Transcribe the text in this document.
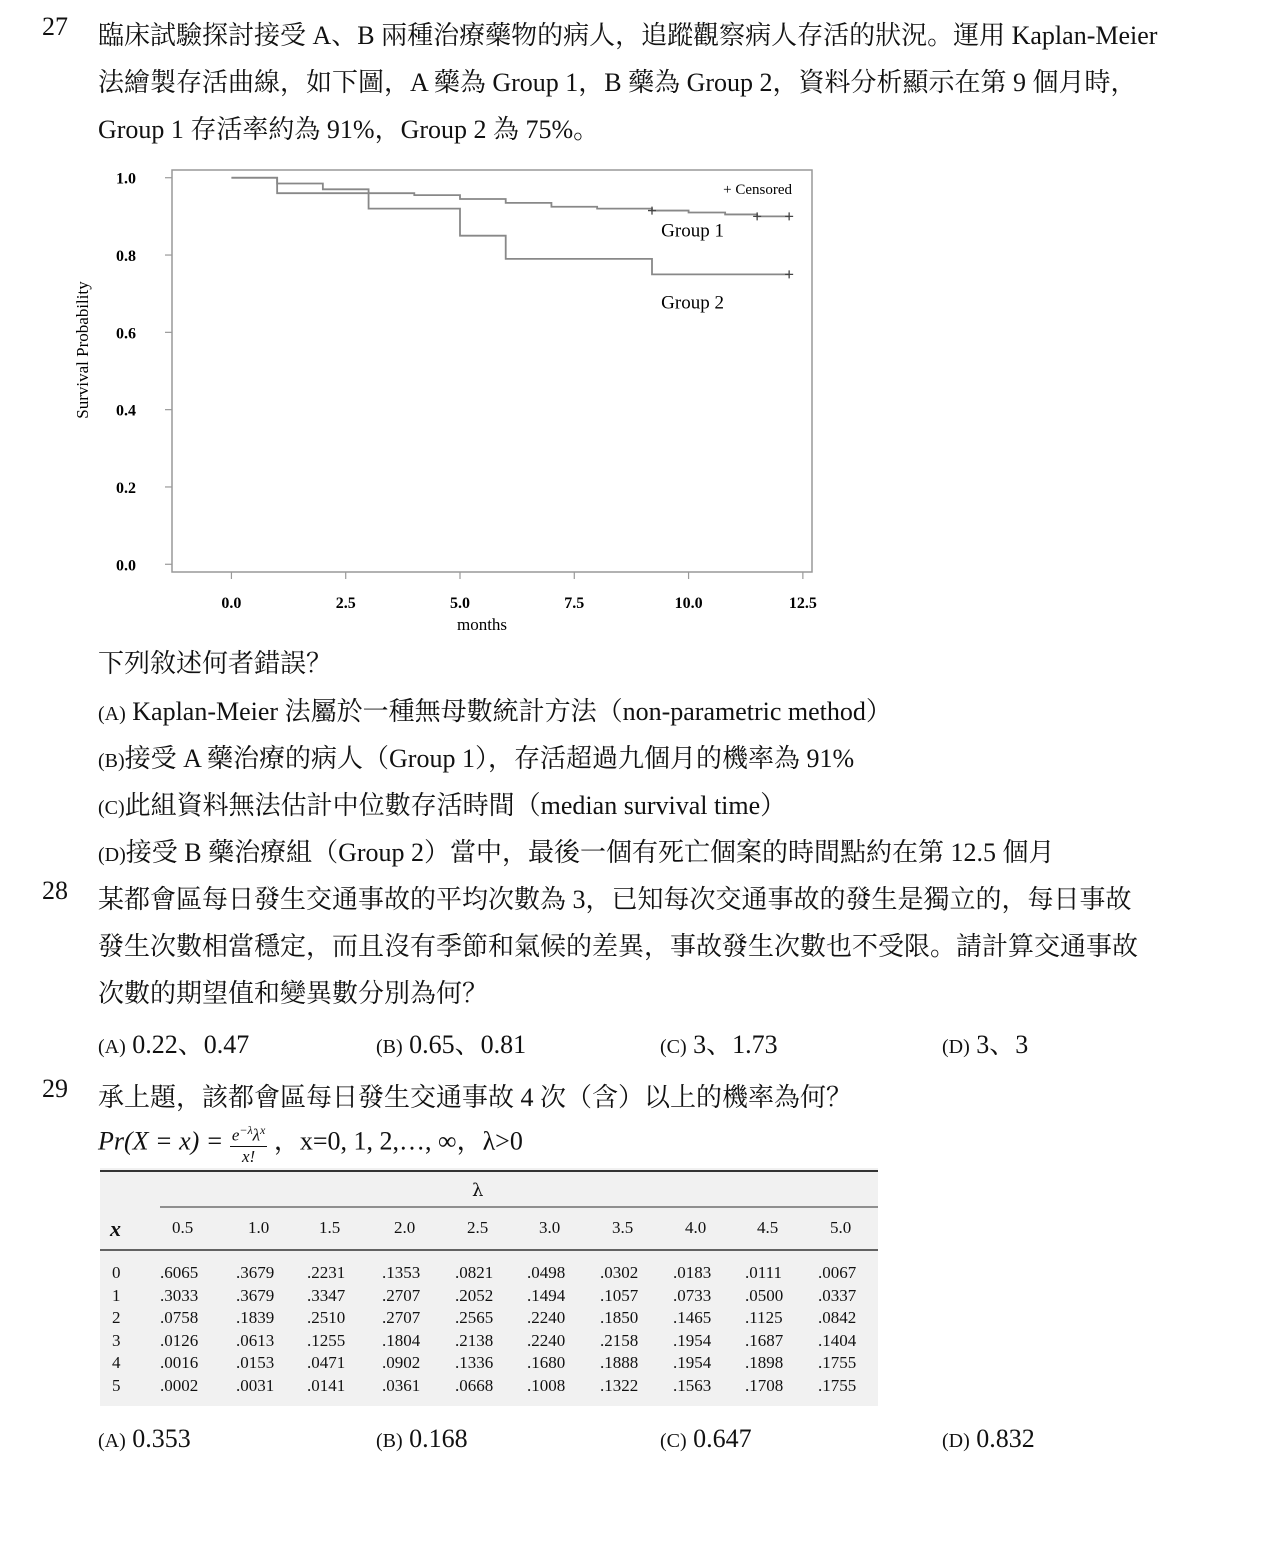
27 臨床試驗探討接受 A、B 兩種治療藥物的病人，追蹤觀察病人存活的狀況。運用 Kaplan-Meier

法繪製存活曲線，如下圖，A 藥為 Group 1，B 藥為 Group 2，資料分析顯示在第 9 個月時，

Group 1 存活率約為 91%，Group 2 為 75%。

0.0
0.2
0.4
0.6
0.8
1.0
0.0	2.5	5.0	7.5	10.0	12.5
months
Survival Probability
Group 1
Group 2
+ Censored
下列敘述何者錯誤？
(A) Kaplan-Meier 法屬於一種無母數統計方法（non-parametric method）
(B)接受 A 藥治療的病人（Group 1），存活超過九個月的機率為 91%
(C)此組資料無法估計中位數存活時間（median survival time）
(D)接受 B 藥治療組（Group 2）當中，最後一個有死亡個案的時間點約在第 12.5 個月
28 某都會區每日發生交通事故的平均次數為 3，已知每次交通事故的發生是獨立的，每日事故

發生次數相當穩定，而且沒有季節和氣候的差異，事故發生次數也不受限。請計算交通事故

次數的期望值和變異數分別為何？

(A) 0.22、0.47	(B) 0.65、0.81	(C) 3、1.73	(D) 3、3
29 承上題，該都會區每日發生交通事故 4 次（含）以上的機率為何？
$Pr(X = x) = \frac{e^{-\lambda}\lambda^x}{x!}$ ，x=0, 1, 2,…, ∞，λ>0
λ
x	0.5	1.0	1.5	2.0	2.5	3.0	3.5	4.0	4.5	5.0
0 .6065 .3679 .2231 .1353 .0821 .0498 .0302 .0183 .0111 .0067
1 .3033 .3679 .3347 .2707 .2052 .1494 .1057 .0733 .0500 .0337
2 .0758 .1839 .2510 .2707 .2565 .2240 .1850 .1465 .1125 .0842
3 .0126 .0613 .1255 .1804 .2138 .2240 .2158 .1954 .1687 .1404
4 .0016 .0153 .0471 .0902 .1336 .1680 .1888 .1954 .1898 .1755
5 .0002 .0031 .0141 .0361 .0668 .1008 .1322 .1563 .1708 .1755
(A) 0.353	(B) 0.168	(C) 0.647	(D) 0.832
